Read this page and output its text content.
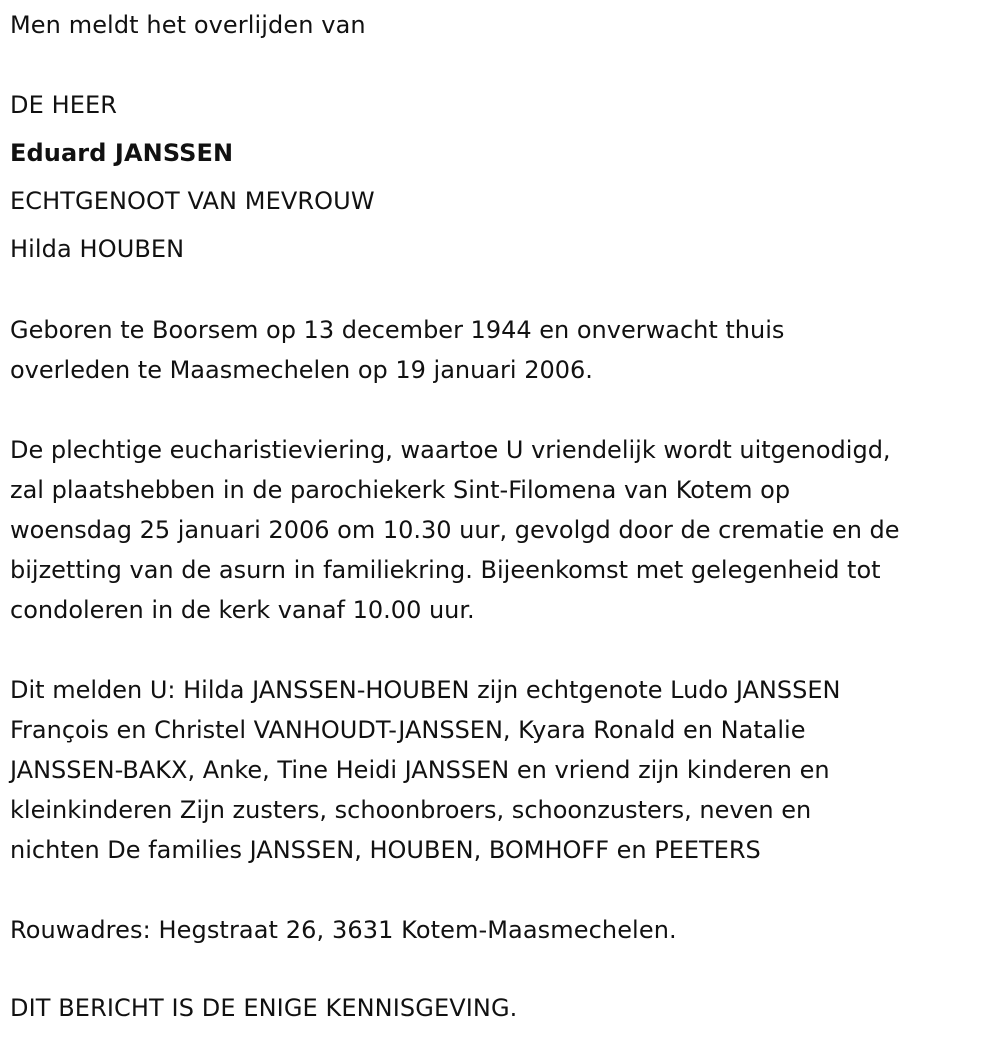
Men meldt het overlijden van
DE HEER
Eduard JANSSEN
ECHTGENOOT VAN MEVROUW
Hilda HOUBEN
Geboren te Boorsem op 13 december 1944 en onverwacht thuis
overleden te Maasmechelen op 19 januari 2006.
De plechtige eucharistieviering, waartoe U vriendelijk wordt uitgenodigd,
zal plaatshebben in de parochiekerk Sint-Filomena van Kotem op
woensdag 25 januari 2006 om 10.30 uur, gevolgd door de crematie en de
bijzetting van de asurn in familiekring. Bijeenkomst met gelegenheid tot
condoleren in de kerk vanaf 10.00 uur.
Dit melden U: Hilda JANSSEN-HOUBEN zijn echtgenote Ludo JANSSEN
François en Christel VANHOUDT-JANSSEN, Kyara Ronald en Natalie
JANSSEN-BAKX, Anke, Tine Heidi JANSSEN en vriend zijn kinderen en
kleinkinderen Zijn zusters, schoonbroers, schoonzusters, neven en
nichten De families JANSSEN, HOUBEN, BOMHOFF en PEETERS
Rouwadres: Hegstraat 26, 3631 Kotem-Maasmechelen.
DIT BERICHT IS DE ENIGE KENNISGEVING.
